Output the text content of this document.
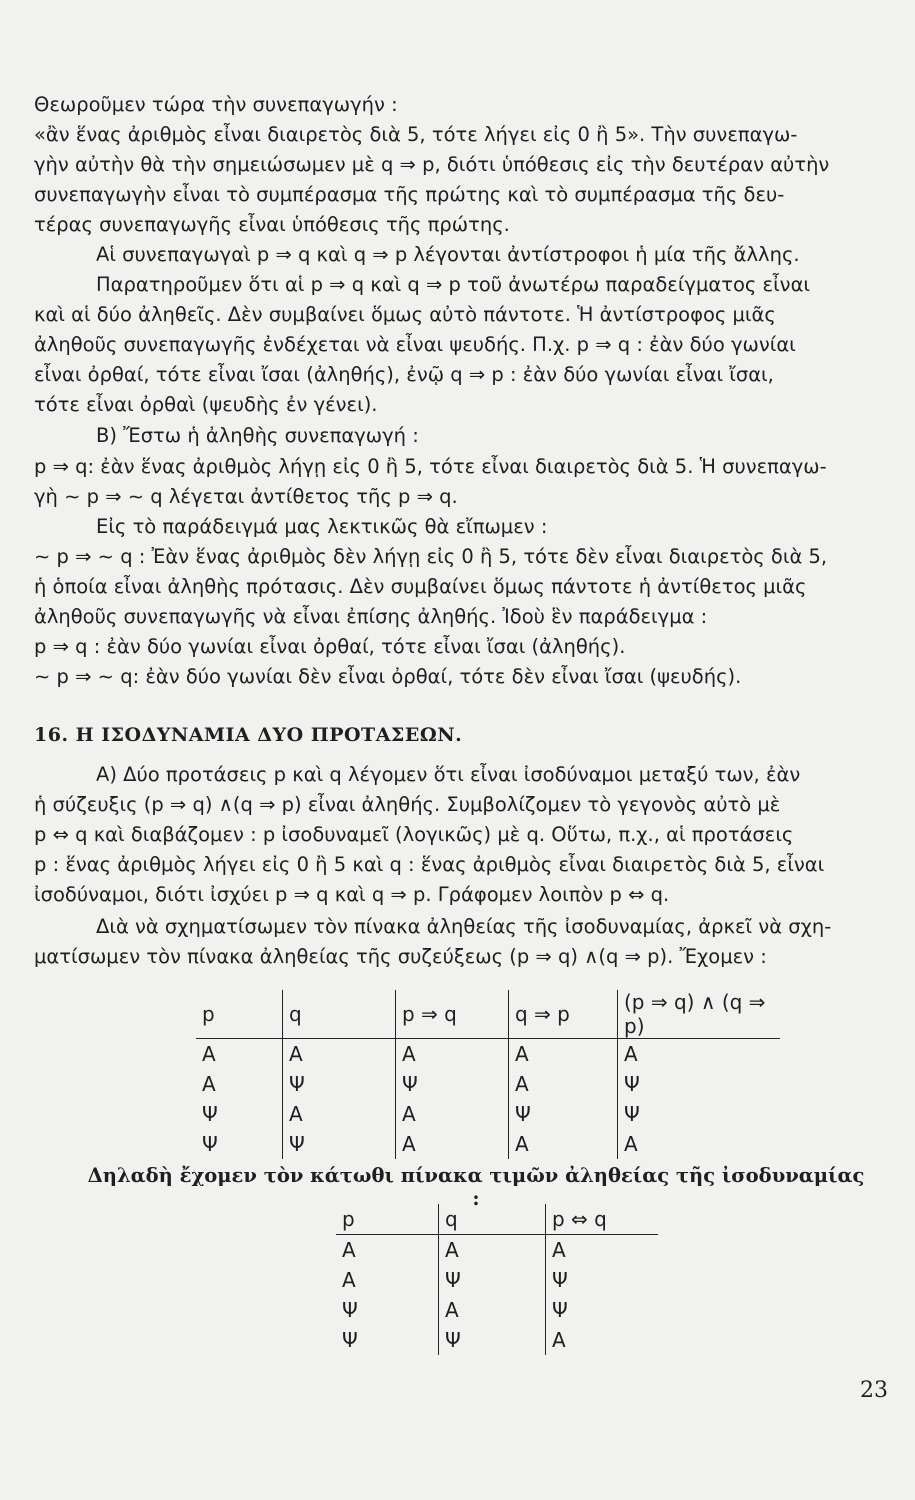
Θεωροῦμεν τώρα τὴν συνεπαγωγήν :
«ἂν ἕνας ἀριθμὸς εἶναι διαιρετὸς διὰ 5, τότε λήγει εἰς 0 ἢ 5». Τὴν συνεπαγω-
γὴν αὐτὴν θὰ τὴν σημειώσωμεν μὲ q ⇒ p, διότι ὑπόθεσις εἰς τὴν δευτέραν αὐτὴν
συνεπαγωγὴν εἶναι τὸ συμπέρασμα τῆς πρώτης καὶ τὸ συμπέρασμα τῆς δευ-
τέρας συνεπαγωγῆς εἶναι ὑπόθεσις τῆς πρώτης.
Αἱ συνεπαγωγαὶ p ⇒ q καὶ q ⇒ p λέγονται ἀντίστροφοι ἡ μία τῆς ἄλλης.
Παρατηροῦμεν ὅτι αἱ p ⇒ q καὶ q ⇒ p τοῦ ἀνωτέρω παραδείγματος εἶναι
καὶ αἱ δύο ἀληθεῖς. Δὲν συμβαίνει ὅμως αὐτὸ πάντοτε. Ἡ ἀντίστροφος μιᾶς
ἀληθοῦς συνεπαγωγῆς ἐνδέχεται νὰ εἶναι ψευδής. Π.χ. p ⇒ q : ἐὰν δύο γωνίαι
εἶναι ὀρθαί, τότε εἶναι ἴσαι (ἀληθής), ἐνῷ q ⇒ p : ἐὰν δύο γωνίαι εἶναι ἴσαι,
τότε εἶναι ὀρθαὶ (ψευδὴς ἐν γένει).
Β) Ἔστω ἡ ἀληθὴς συνεπαγωγή :
p ⇒ q: ἐὰν ἕνας ἀριθμὸς λήγῃ εἰς 0 ἢ 5, τότε εἶναι διαιρετὸς διὰ 5. Ἡ συνεπαγω-
γὴ ∼ p ⇒ ∼ q λέγεται ἀντίθετος τῆς p ⇒ q.
Εἰς τὸ παράδειγμά μας λεκτικῶς θὰ εἴπωμεν :
∼ p ⇒ ∼ q : Ἐὰν ἕνας ἀριθμὸς δὲν λήγῃ εἰς 0 ἢ 5, τότε δὲν εἶναι διαιρετὸς διὰ 5,
ἡ ὁποία εἶναι ἀληθὴς πρότασις. Δὲν συμβαίνει ὅμως πάντοτε ἡ ἀντίθετος μιᾶς
ἀληθοῦς συνεπαγωγῆς νὰ εἶναι ἐπίσης ἀληθής. Ἰδοὺ ἓν παράδειγμα :
p ⇒ q : ἐὰν δύο γωνίαι εἶναι ὀρθαί, τότε εἶναι ἴσαι (ἀληθής).
∼ p ⇒ ∼ q: ἐὰν δύο γωνίαι δὲν εἶναι ὀρθαί, τότε δὲν εἶναι ἴσαι (ψευδής).
16. Η ΙΣΟΔΥΝΑΜΙΑ ΔΥΟ ΠΡΟΤΑΣΕΩΝ.
Α) Δύο προτάσεις p καὶ q λέγομεν ὅτι εἶναι ἰσοδύναμοι μεταξύ των, ἐὰν
ἡ σύζευξις (p ⇒ q) ∧(q ⇒ p) εἶναι ἀληθής. Συμβολίζομεν τὸ γεγονὸς αὐτὸ μὲ
p ⇔ q καὶ διαβάζομεν : p ἰσοδυναμεῖ (λογικῶς) μὲ q. Οὕτω, π.χ., αἱ προτάσεις
p : ἕνας ἀριθμὸς λήγει εἰς 0 ἢ 5 καὶ q : ἕνας ἀριθμὸς εἶναι διαιρετὸς διὰ 5, εἶναι
ἰσοδύναμοι, διότι ἰσχύει p ⇒ q καὶ q ⇒ p. Γράφομεν λοιπὸν p ⇔ q.
Διὰ νὰ σχηματίσωμεν τὸν πίνακα ἀληθείας τῆς ἰσοδυναμίας, ἀρκεῖ νὰ σχη-
ματίσωμεν τὸν πίνακα ἀληθείας τῆς συζεύξεως (p ⇒ q) ∧(q ⇒ p). Ἔχομεν :
p	q	p ⇒ q	q ⇒ p	(p ⇒ q) ∧ (q ⇒ p)
Α	Α	Α	Α	Α
Α	Ψ	Ψ	Α	Ψ
Ψ	Α	Α	Ψ	Ψ
Ψ	Ψ	Α	Α	Α
Δηλαδὴ ἔχομεν τὸν κάτωθι πίνακα τιμῶν ἀληθείας τῆς ἰσοδυναμίας :
p	q	p ⇔ q
Α	Α	Α
Α	Ψ	Ψ
Ψ	Α	Ψ
Ψ	Ψ	Α
23
